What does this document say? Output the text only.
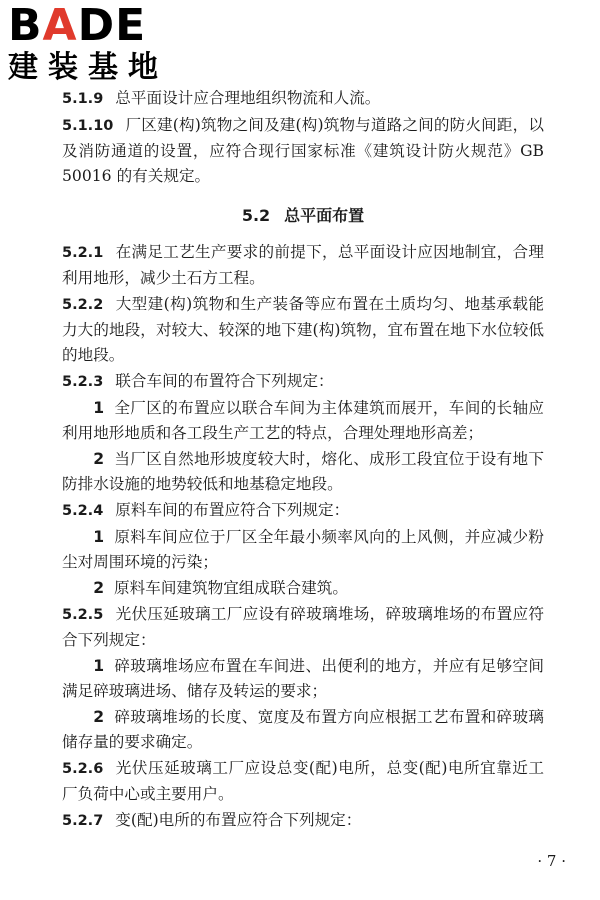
BADE
建装基地

5.1.9 总平面设计应合理地组织物流和人流。

5.1.10 厂区建(构)筑物之间及建(构)筑物与道路之间的防火间距，以及消防通道的设置，应符合现行国家标准《建筑设计防火规范》GB 50016 的有关规定。

5.2 总平面布置

5.2.1 在满足工艺生产要求的前提下，总平面设计应因地制宜，合理利用地形，减少土石方工程。

5.2.2 大型建(构)筑物和生产装备等应布置在土质均匀、地基承载能力大的地段，对较大、较深的地下建(构)筑物，宜布置在地下水位较低的地段。

5.2.3 联合车间的布置符合下列规定：

1 全厂区的布置应以联合车间为主体建筑而展开，车间的长轴应利用地形地质和各工段生产工艺的特点，合理处理地形高差；

2 当厂区自然地形坡度较大时，熔化、成形工段宜位于设有地下防排水设施的地势较低和地基稳定地段。

5.2.4 原料车间的布置应符合下列规定：

1 原料车间应位于厂区全年最小频率风向的上风侧，并应减少粉尘对周围环境的污染；

2 原料车间建筑物宜组成联合建筑。

5.2.5 光伏压延玻璃工厂应设有碎玻璃堆场，碎玻璃堆场的布置应符合下列规定：

1 碎玻璃堆场应布置在车间进、出便利的地方，并应有足够空间满足碎玻璃进场、储存及转运的要求；

2 碎玻璃堆场的长度、宽度及布置方向应根据工艺布置和碎玻璃储存量的要求确定。

5.2.6 光伏压延玻璃工厂应设总变(配)电所，总变(配)电所宜靠近工厂负荷中心或主要用户。

5.2.7 变(配)电所的布置应符合下列规定：

· 7 ·
